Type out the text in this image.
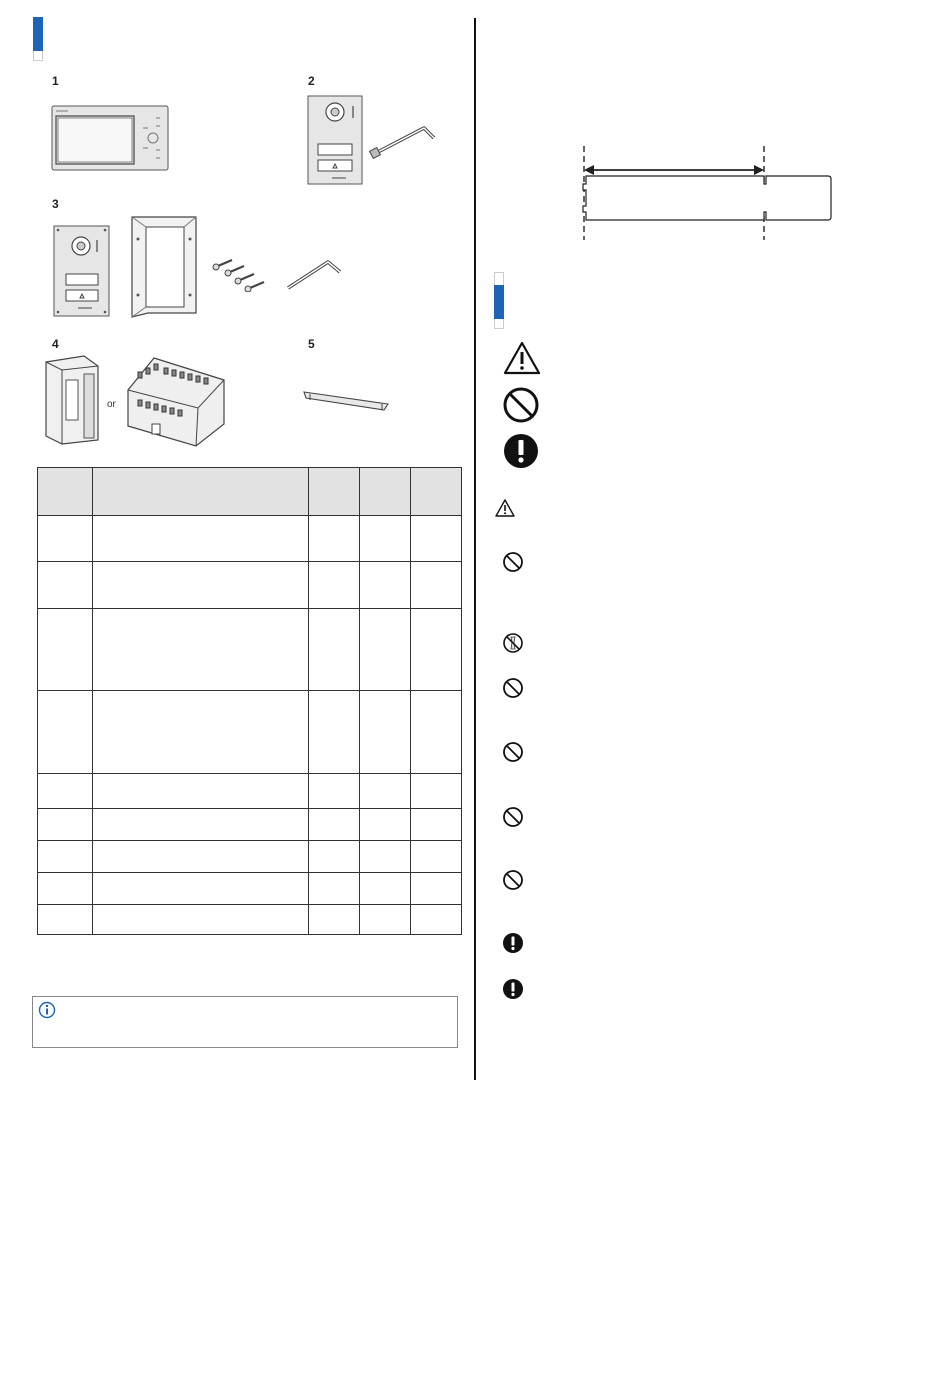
1	2
3
4	5
or
